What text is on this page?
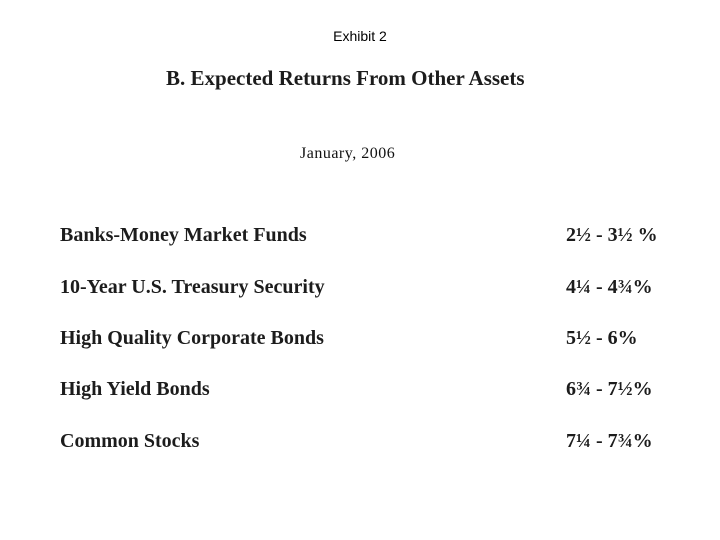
Exhibit 2
B. Expected Returns From Other Assets
January, 2006
Banks-Money Market Funds	2½ - 3½ %
10-Year U.S. Treasury Security	4¼ - 4¾%
High Quality Corporate Bonds	5½ - 6%
High Yield Bonds	6¾ - 7½%
Common Stocks	7¼ - 7¾%
